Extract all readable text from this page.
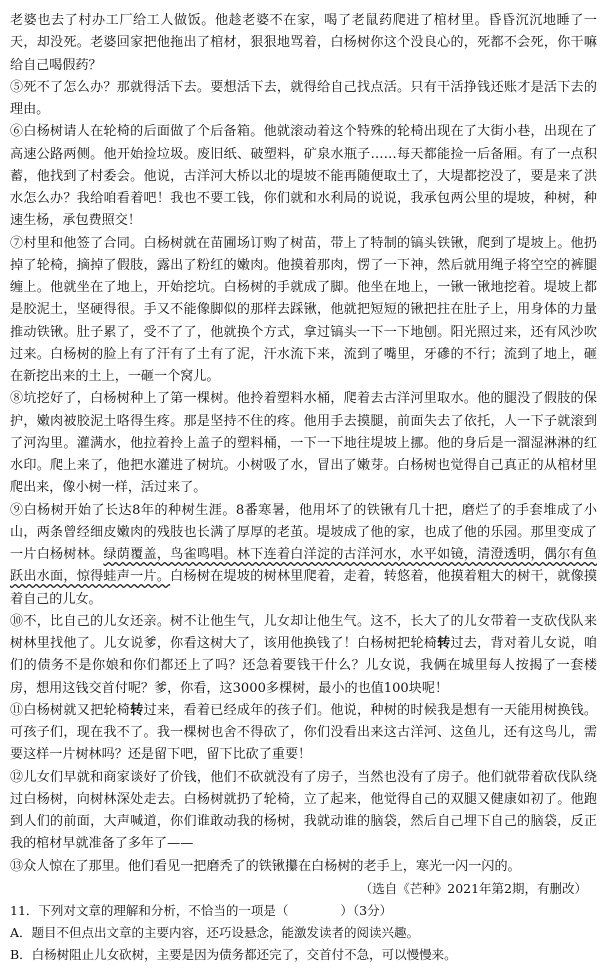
老婆也去了村办工厂给工人做饭。他趁老婆不在家，喝了老鼠药爬进了棺材里。昏昏沉沉地睡了一天，却没死。老婆回家把他拖出了棺材，狠狠地骂着，白杨树你这个没良心的，死都不会死，你干嘛给自己喝假药？

⑤死不了怎么办？那就得活下去。要想活下去，就得给自己找点活。只有干活挣钱还账才是活下去的理由。

⑥白杨树请人在轮椅的后面做了个后备箱。他就滚动着这个特殊的轮椅出现在了大街小巷，出现在了高速公路两侧。他开始捡垃圾。废旧纸、破塑料，矿泉水瓶子……每天都能捡一后备厢。有了一点积蓄，他找到了村委会。他说，古洋河大桥以北的堤坡不能再随便取土了，大堤都挖没了，要是来了洪水怎么办？我给咱看着吧！我也不要工钱，你们就和水利局的说说，我承包两公里的堤坡，种树，种速生杨，承包费照交！

⑦村里和他签了合同。白杨树就在苗圃场订购了树苗，带上了特制的镐头铁锹，爬到了堤坡上。他扔掉了轮椅，摘掉了假肢，露出了粉红的嫩肉。他摸着那肉，愣了一下神，然后就用绳子将空空的裤腿缠上。他就坐在了地上，开始挖坑。白杨树的手就成了脚。他坐在地上，一锹一锹地挖着。堤坡上都是胶泥土，坚硬得很。手又不能像脚似的那样去踩锹，他就把短短的锹把拄在肚子上，用身体的力量推动铁锹。肚子累了，受不了了，他就换个方式，拿过镐头一下一下地刨。阳光照过来，还有风沙吹过来。白杨树的脸上有了汗有了土有了泥，汗水流下来，流到了嘴里，牙磣的不行；流到了地上，砸在新挖出来的土上，一砸一个窝儿。

⑧坑挖好了，白杨树种上了第一棵树。他拎着塑料水桶，爬着去古洋河里取水。他的腿没了假肢的保护，嫩肉被胶泥土咯得生疼。那是坚持不住的疼。他用手去摸腿，前面失去了依托，人一下子就滚到了河沟里。灌满水，他拉着拎上盖子的塑料桶，一下一下地往堤坡上挪。他的身后是一溜湿淋淋的红水印。爬上来了，他把水灌进了树坑。小树吸了水，冒出了嫩芽。白杨树也觉得自己真正的从棺材里爬出来，像小树一样，活过来了。

⑨白杨树开始了长达8年的种树生涯。8番寒暑，他用坏了的铁锹有几十把，磨烂了的手套堆成了小山，两条曾经细皮嫩肉的残肢也长满了厚厚的老茧。堤坡成了他的家，也成了他的乐园。那里变成了一片白杨树林。绿荫覆盖，鸟雀鸣唱。林下连着白洋淀的古洋河水，水平如镜，清澄透明，偶尔有鱼跃出水面，惊得蛙声一片。白杨树在堤坡的树林里爬着，走着，转悠着，他摸着粗大的树干，就像摸着自己的儿女。

⑩不，比自己的儿女还亲。树不让他生气，儿女却让他生气。这不，长大了的儿女带着一支砍伐队来树林里找他了。儿女说爹，你看这树大了，该用他换钱了！白杨树把轮椅转过去，背对着儿女说，咱们的债务不是你娘和你们都还上了吗？还急着要钱干什么？儿女说，我俩在城里每人按揭了一套楼房，想用这钱交首付呢？爹，你看，这3000多棵树，最小的也值100块呢！

⑪白杨树就又把轮椅转过来，看着已经成年的孩子们。他说，种树的时候我是想有一天能用树换钱。可孩子们，现在我不了。我一棵树也舍不得砍了，你们没看出来这古洋河、这鱼儿，还有这鸟儿，需要这样一片树林吗？还是留下吧，留下比砍了重要！

⑫儿女们早就和商家谈好了价钱，他们不砍就没有了房子，当然也没有了房子。他们就带着砍伐队绕过白杨树，向树林深处走去。白杨树就扔了轮椅，立了起来，他觉得自己的双腿又健康如初了。他跑到人们的前面，大声喊道，你们谁敢动我的杨树，我就动谁的脑袋，然后自己埋下自己的脑袋，反正我的棺材早就准备了多年了——

⑬众人惊在了那里。他们看见一把磨秃了的铁锹攥在白杨树的老手上，寒光一闪一闪的。

（选自《芒种》2021年第2期，有删改）

11．下列对文章的理解和分析，不恰当的一项是（	）（3分）

A．题目不但点出文章的主要内容，还巧设悬念，能激发读者的阅读兴趣。

B．白杨树阻止儿女砍树，主要是因为债务都还完了，交首付不急，可以慢慢来。
